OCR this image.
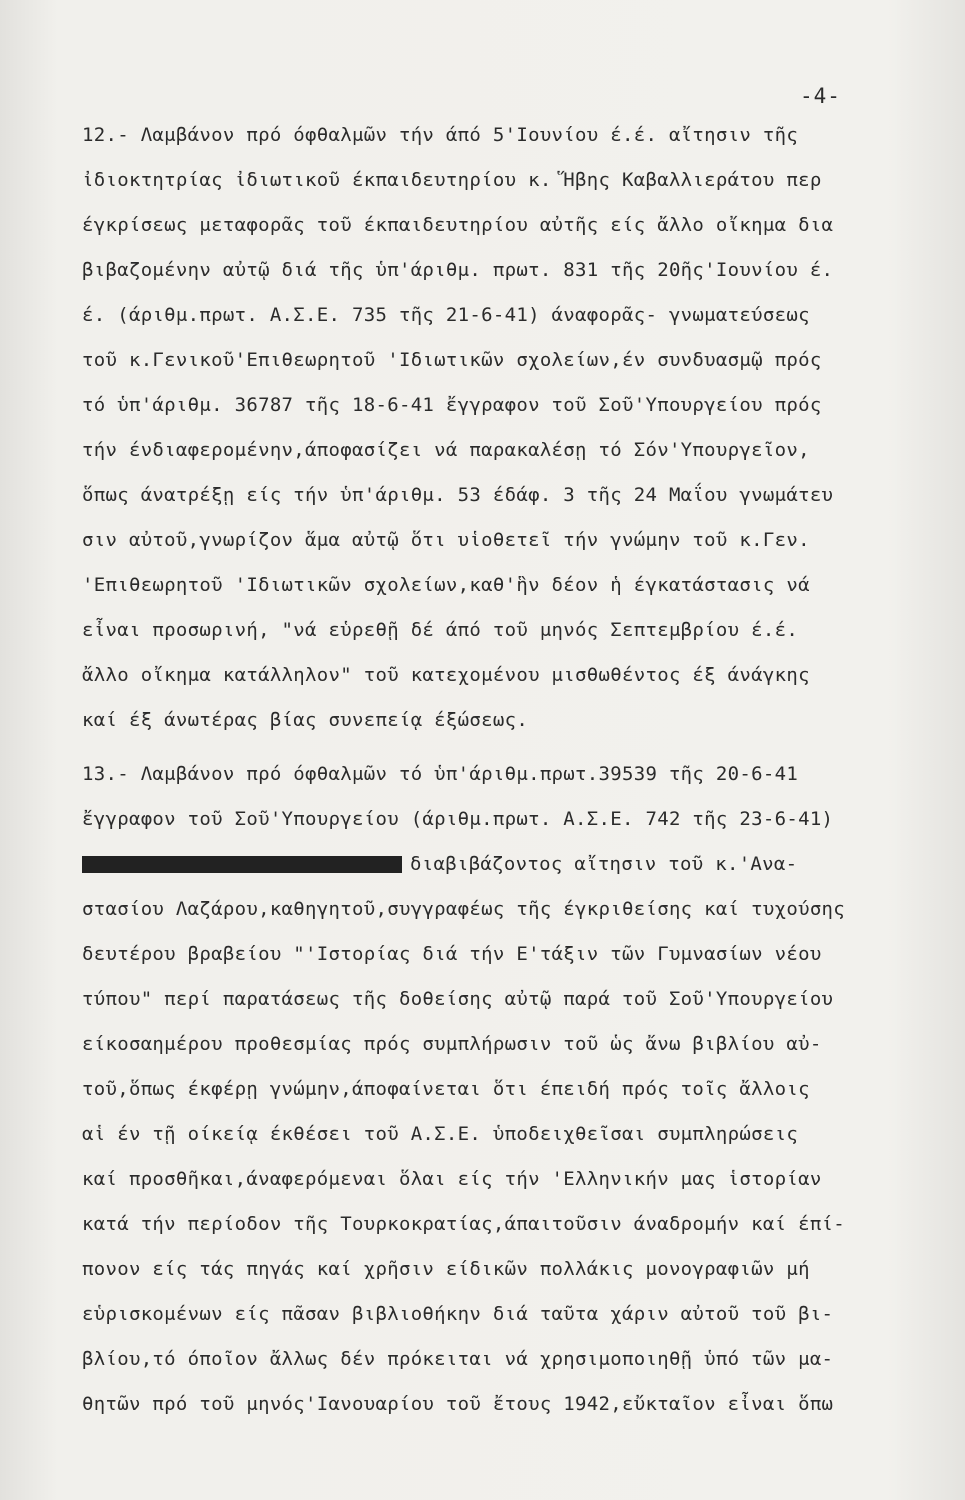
-4-
12.- Λαμβάνον πρό όφθαλμῶν τήν άπό 5'Ιουνίου έ.έ. αἴτησιν τῆς
ἰδιοκτητρίας ἰδιωτικοῦ έκπαιδευτηρίου κ. Ἥβης Καβαλλιεράτου περ
έγκρίσεως μεταφορᾶς τοῦ έκπαιδευτηρίου αὐτῆς είς ἄλλο οἴκημα δια
βιβαζομένην αὐτῷ διά τῆς ὑπ'άριθμ. πρωτ. 831 τῆς 20ῆς'Ιουνίου έ.
έ. (άριθμ.πρωτ. Α.Σ.Ε. 735 τῆς 21-6-41) άναφορᾶς- γνωματεύσεως
τοῦ κ.Γενικοῦ'Επιθεωρητοῦ 'Ιδιωτικῶν σχολείων,έν συνδυασμῷ πρός
τό ὑπ'άριθμ. 36787 τῆς 18-6-41 ἔγγραφον τοῦ Σοῦ'Υπουργείου πρός
τήν ένδιαφερομένην,άποφασίζει νά παρακαλέσῃ τό Σόν'Υπουργεῖον,
ὅπως άνατρέξῃ είς τήν ὑπ'άριθμ. 53 έδάφ. 3 τῆς 24 Μαΐου γνωμάτευ
σιν αὐτοῦ,γνωρίζον ἅμα αὐτῷ ὅτι υἱοθετεῖ τήν γνώμην τοῦ κ.Γεν.
'Επιθεωρητοῦ 'Ιδιωτικῶν σχολείων,καθ'ἣν δέον ἡ έγκατάστασις νά
εἶναι προσωρινή, "νά εὑρεθῇ δέ άπό τοῦ μηνός Σεπτεμβρίου έ.έ.
ἄλλο οἴκημα κατάλληλον" τοῦ κατεχομένου μισθωθέντος έξ άνάγκης
καί έξ άνωτέρας βίας συνεπείᾳ έξώσεως.
13.- Λαμβάνον πρό όφθαλμῶν τό ὑπ'άριθμ.πρωτ.39539 τῆς 20-6-41
ἔγγραφον τοῦ Σοῦ'Υπουργείου (άριθμ.πρωτ. Α.Σ.Ε. 742 τῆς 23-6-41)
διαβιβάζοντος αἴτησιν τοῦ κ.'Ανα-
στασίου Λαζάρου,καθηγητοῦ,συγγραφέως τῆς έγκριθείσης καί τυχούσης
δευτέρου βραβείου "'Ιστορίας διά τήν Ε'τάξιν τῶν Γυμνασίων νέου
τύπου" περί παρατάσεως τῆς δοθείσης αὐτῷ παρά τοῦ Σοῦ'Υπουργείου
είκοσαημέρου προθεσμίας πρός συμπλήρωσιν τοῦ ὡς ἄνω βιβλίου αὐ-
τοῦ,ὅπως έκφέρῃ γνώμην,άποφαίνεται ὅτι έπειδή πρός τοῖς ἄλλοις
αἱ έν τῇ οίκείᾳ έκθέσει τοῦ Α.Σ.Ε. ὑποδειχθεῖσαι συμπληρώσεις
καί προσθῆκαι,άναφερόμεναι ὅλαι είς τήν 'Ελληνικήν μας ἱστορίαν
κατά τήν περίοδον τῆς Τουρκοκρατίας,άπαιτοῦσιν άναδρομήν καί έπί-
πονον είς τάς πηγάς καί χρῆσιν είδικῶν πολλάκις μονογραφιῶν μή
εὑρισκομένων είς πᾶσαν βιβλιοθήκην διά ταῦτα χάριν αὐτοῦ τοῦ βι-
βλίου,τό όποῖον ἄλλως δέν πρόκειται νά χρησιμοποιηθῇ ὑπό τῶν μα-
θητῶν πρό τοῦ μηνός'Ιανουαρίου τοῦ ἔτους 1942,εὔκταῖον εἶναι ὅπω
